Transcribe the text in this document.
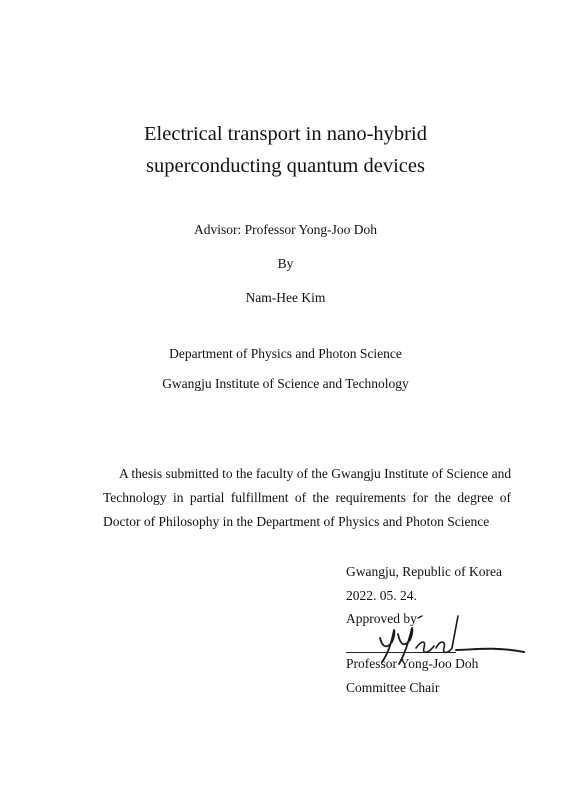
Electrical transport in nano-hybrid
superconducting quantum devices
Advisor: Professor Yong-Joo Doh
By
Nam-Hee Kim
Department of Physics and Photon Science
Gwangju Institute of Science and Technology
A thesis submitted to the faculty of the Gwangju Institute of Science and
Technology in partial fulfillment of the requirements for the degree of
Doctor of Philosophy in the Department of Physics and Photon Science
Gwangju, Republic of Korea
2022. 05. 24.
Approved by
Professor Yong-Joo Doh
Committee Chair
